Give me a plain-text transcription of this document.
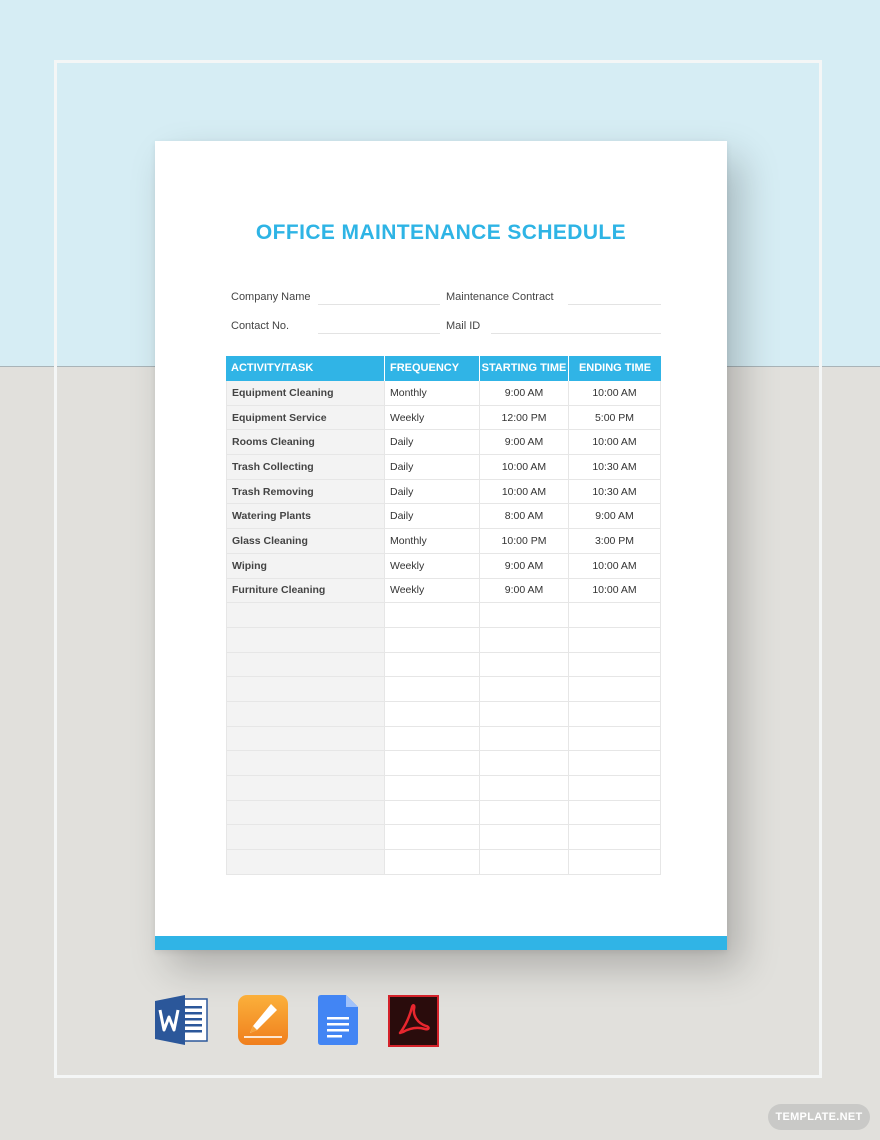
OFFICE MAINTENANCE SCHEDULE
Company Name	Maintenance Contract
Contact No.	Mail ID
ACTIVITY/TASK	FREQUENCY	STARTING TIME	ENDING TIME
Equipment Cleaning	Monthly	9:00 AM	10:00 AM
Equipment Service	Weekly	12:00 PM	5:00 PM
Rooms Cleaning	Daily	9:00 AM	10:00 AM
Trash Collecting	Daily	10:00 AM	10:30 AM
Trash Removing	Daily	10:00 AM	10:30 AM
Watering Plants	Daily	8:00 AM	9:00 AM
Glass Cleaning	Monthly	10:00 PM	3:00 PM
Wiping	Weekly	9:00 AM	10:00 AM
Furniture Cleaning	Weekly	9:00 AM	10:00 AM
TEMPLATE.NET
